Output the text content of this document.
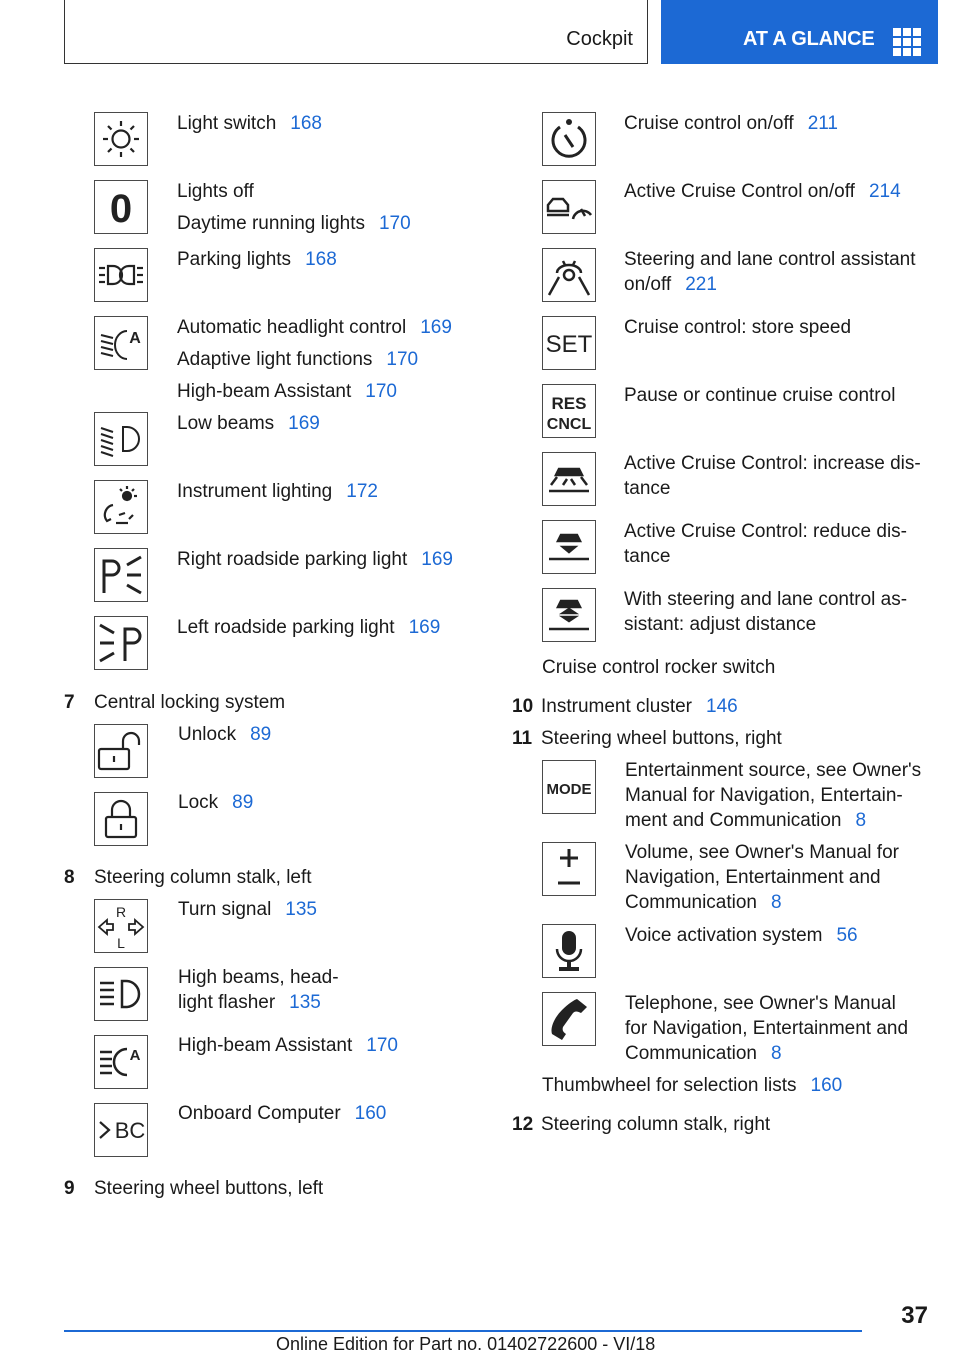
Cockpit	AT A GLANCE
Light switch 168
0 Lights off
Daytime running lights 170
Parking lights 168
A
Automatic headlight control 169
Adaptive light functions 170
High-beam Assistant 170
Low beams 169
Instrument lighting 172
Right roadside parking light 169
Left roadside parking light 169
7 Central locking system
Unlock 89
Lock 89
8 Steering column stalk, left
R
L
Turn signal 135
High beams, head-
light flasher 135
A High-beam Assistant 170
BC
Onboard Computer 160
9 Steering wheel buttons, left
Cruise control on/off 211
Active Cruise Control on/off 214
Steering and lane control assistant
on/off 221
SET
Cruise control: store speed
RES
CNCL
Pause or continue cruise control
Active Cruise Control: increase dis-
tance
Active Cruise Control: reduce dis-
tance
With steering and lane control as-
sistant: adjust distance
Cruise control rocker switch
10 Instrument cluster 146
11 Steering wheel buttons, right
MODE
Entertainment source, see Owner's
Manual for Navigation, Entertain-
ment and Communication 8
Volume, see Owner's Manual for
Navigation, Entertainment and
Communication 8
Voice activation system 56
Telephone, see Owner's Manual
for Navigation, Entertainment and
Communication 8
Thumbwheel for selection lists 160
12 Steering column stalk, right
37
Online Edition for Part no. 01402722600 - VI/18
